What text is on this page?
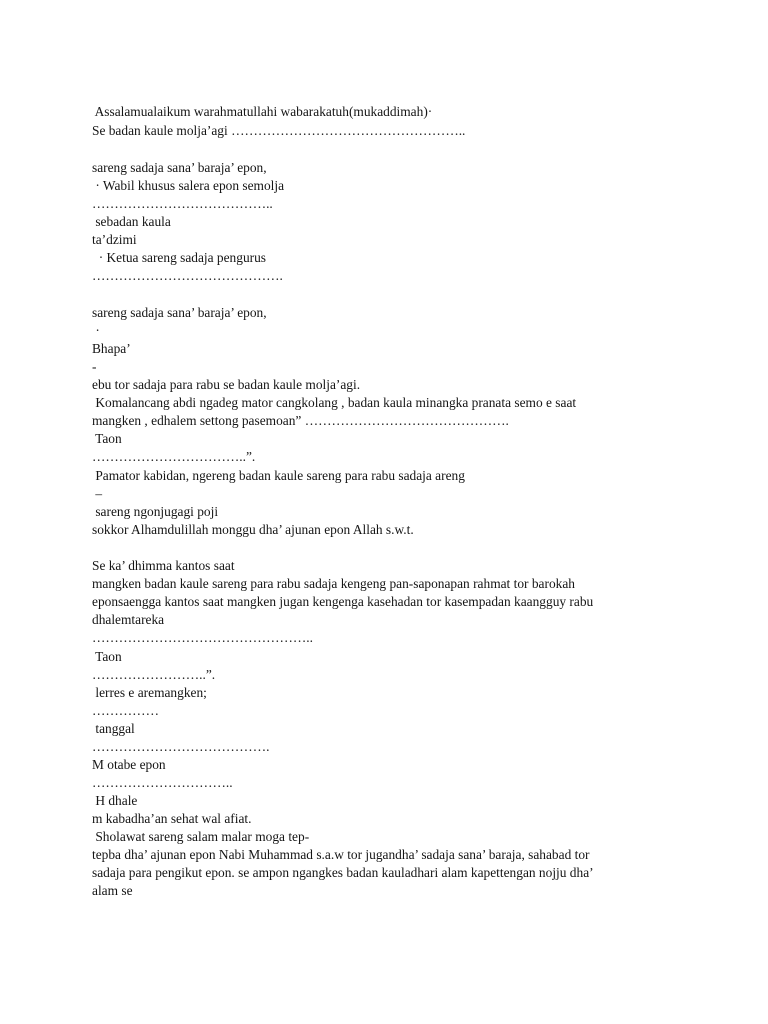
Assalamualaikum warahmatullahi wabarakatuh(mukaddimah)·

Se badan kaule molja’agi ……………………………………………..

sareng sadaja sana’ baraja’ epon,

· Wabil khusus salera epon semolja

…………………………………..

sebadan kaula

ta’dzimi

· Ketua sareng sadaja pengurus

…………………………………….

sareng sadaja sana’ baraja’ epon,

·

Bhapa’

-

ebu tor sadaja para rabu se badan kaule molja’agi.

Komalancang abdi ngadeg mator cangkolang , badan kaula minangka pranata semo e saat

mangken , edhalem settong pasemoan” ……………………………………….

Taon

……………………………..”.

Pamator kabidan, ngereng badan kaule sareng para rabu sadaja areng

–

sareng ngonjugagi poji

sokkor Alhamdulillah monggu dha’ ajunan epon Allah s.w.t.

Se ka’ dhimma kantos saat

mangken badan kaule sareng para rabu sadaja kengeng pan-saponapan rahmat tor barokah

eponsaengga kantos saat mangken jugan kengenga kasehadan tor kasempadan kaangguy rabu

dhalemtareka

…………………………………………..

Taon

……………………..”.

lerres e aremangken;

……………

tanggal

………………………………….

M otabe epon

…………………………..

H dhale

m kabadha’an sehat wal afiat.

Sholawat sareng salam malar moga tep-

tepba dha’ ajunan epon Nabi Muhammad s.a.w tor jugandha’ sadaja sana’ baraja, sahabad tor

sadaja para pengikut epon. se ampon ngangkes badan kauladhari alam kapettengan nojju dha’

alam se
